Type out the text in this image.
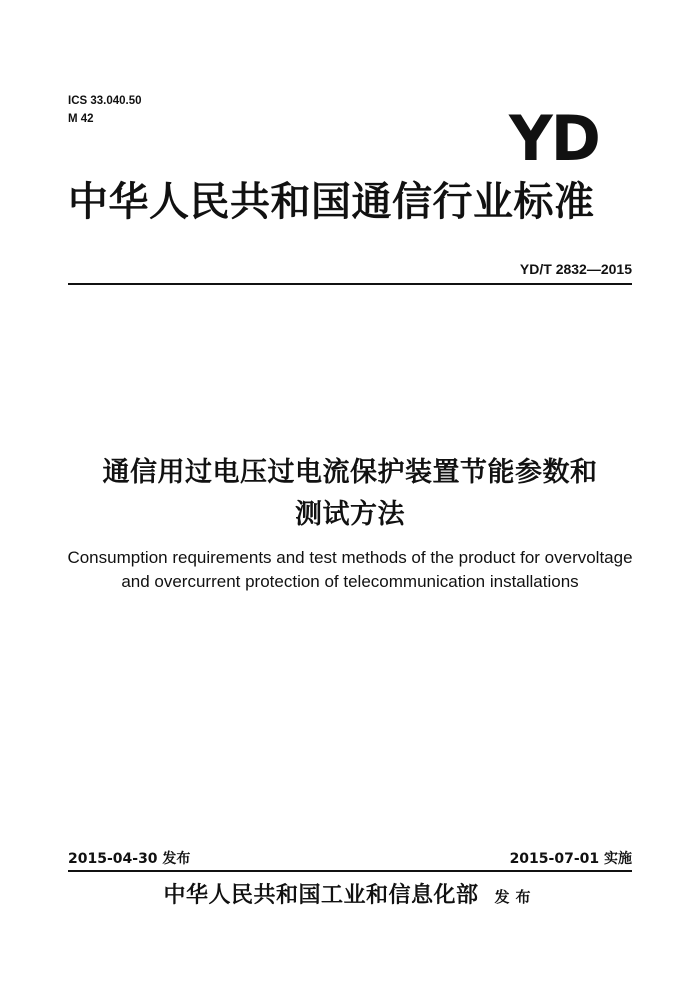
ICS 33.040.50
M 42	YD
中华人民共和国通信行业标准
YD/T 2832—2015
通信用过电压过电流保护装置节能参数和
测试方法
Consumption requirements and test methods of the product for overvoltage and overcurrent protection of telecommunication installations
2015-04-30 发布	2015-07-01 实施
中华人民共和国工业和信息化部 发布
